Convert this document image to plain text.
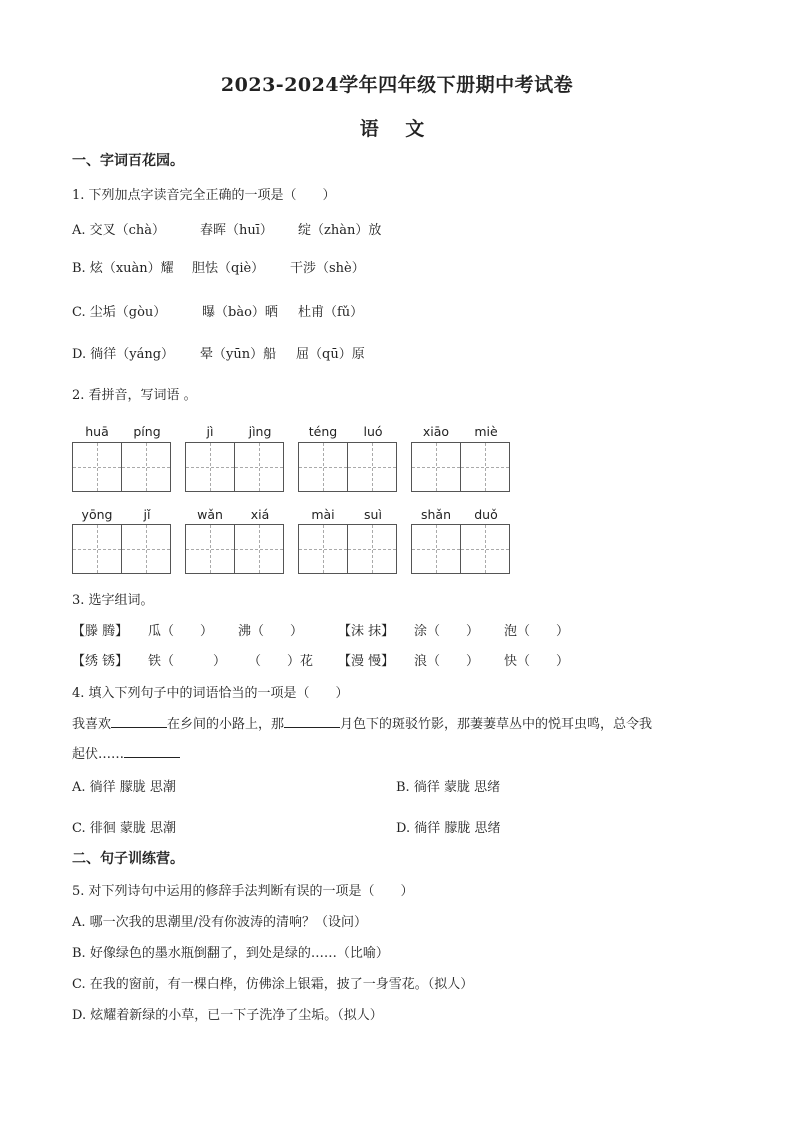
2023-2024学年四年级下册期中考试卷
语 文
一、字词百花园。
1. 下列加点字读音完全正确的一项是（　　）
A. 交叉（chà）	春晖（huī） 绽（zhàn）放
B. 炫（xuàn）耀 胆怯（qiè） 干涉（shè）
C. 尘垢（gòu）	曝（bào）晒 杜甫（fǔ）
D. 徜徉（yáng） 晕（yūn）船 屈（qū）原
2. 看拼音，写词语 。
huā	píng	jì	jìng	téng	luó	xiāo	miè
yōng	jǐ	wǎn	xiá	mài	suì	shǎn	duǒ
3. 选字组词。
【滕 腾】 瓜（　　） 沸（　　）	【沫 抹】 涂（　　） 泡（　　）
【绣 锈】 铁（　　　） （　　）花 【漫 慢】 浪（　　） 快（　　）
4. 填入下列句子中的词语恰当的一项是（　　）
我喜欢	在乡间的小路上，那	月色下的斑驳竹影，那萋萋草丛中的悦耳虫鸣，总令我
起伏……
A. 徜徉 朦胧 思潮	B. 徜徉 蒙胧 思绪
C. 徘徊 蒙胧 思潮	D. 徜徉 朦胧 思绪
二、句子训练营。
5. 对下列诗句中运用的修辞手法判断有误的一项是（　　）
A. 哪一次我的思潮里/没有你波涛的清响？（设问）
B. 好像绿色的墨水瓶倒翻了，到处是绿的……（比喻）
C. 在我的窗前，有一棵白桦，仿佛涂上银霜，披了一身雪花。（拟人）
D. 炫耀着新绿的小草，已一下子洗净了尘垢。（拟人）
